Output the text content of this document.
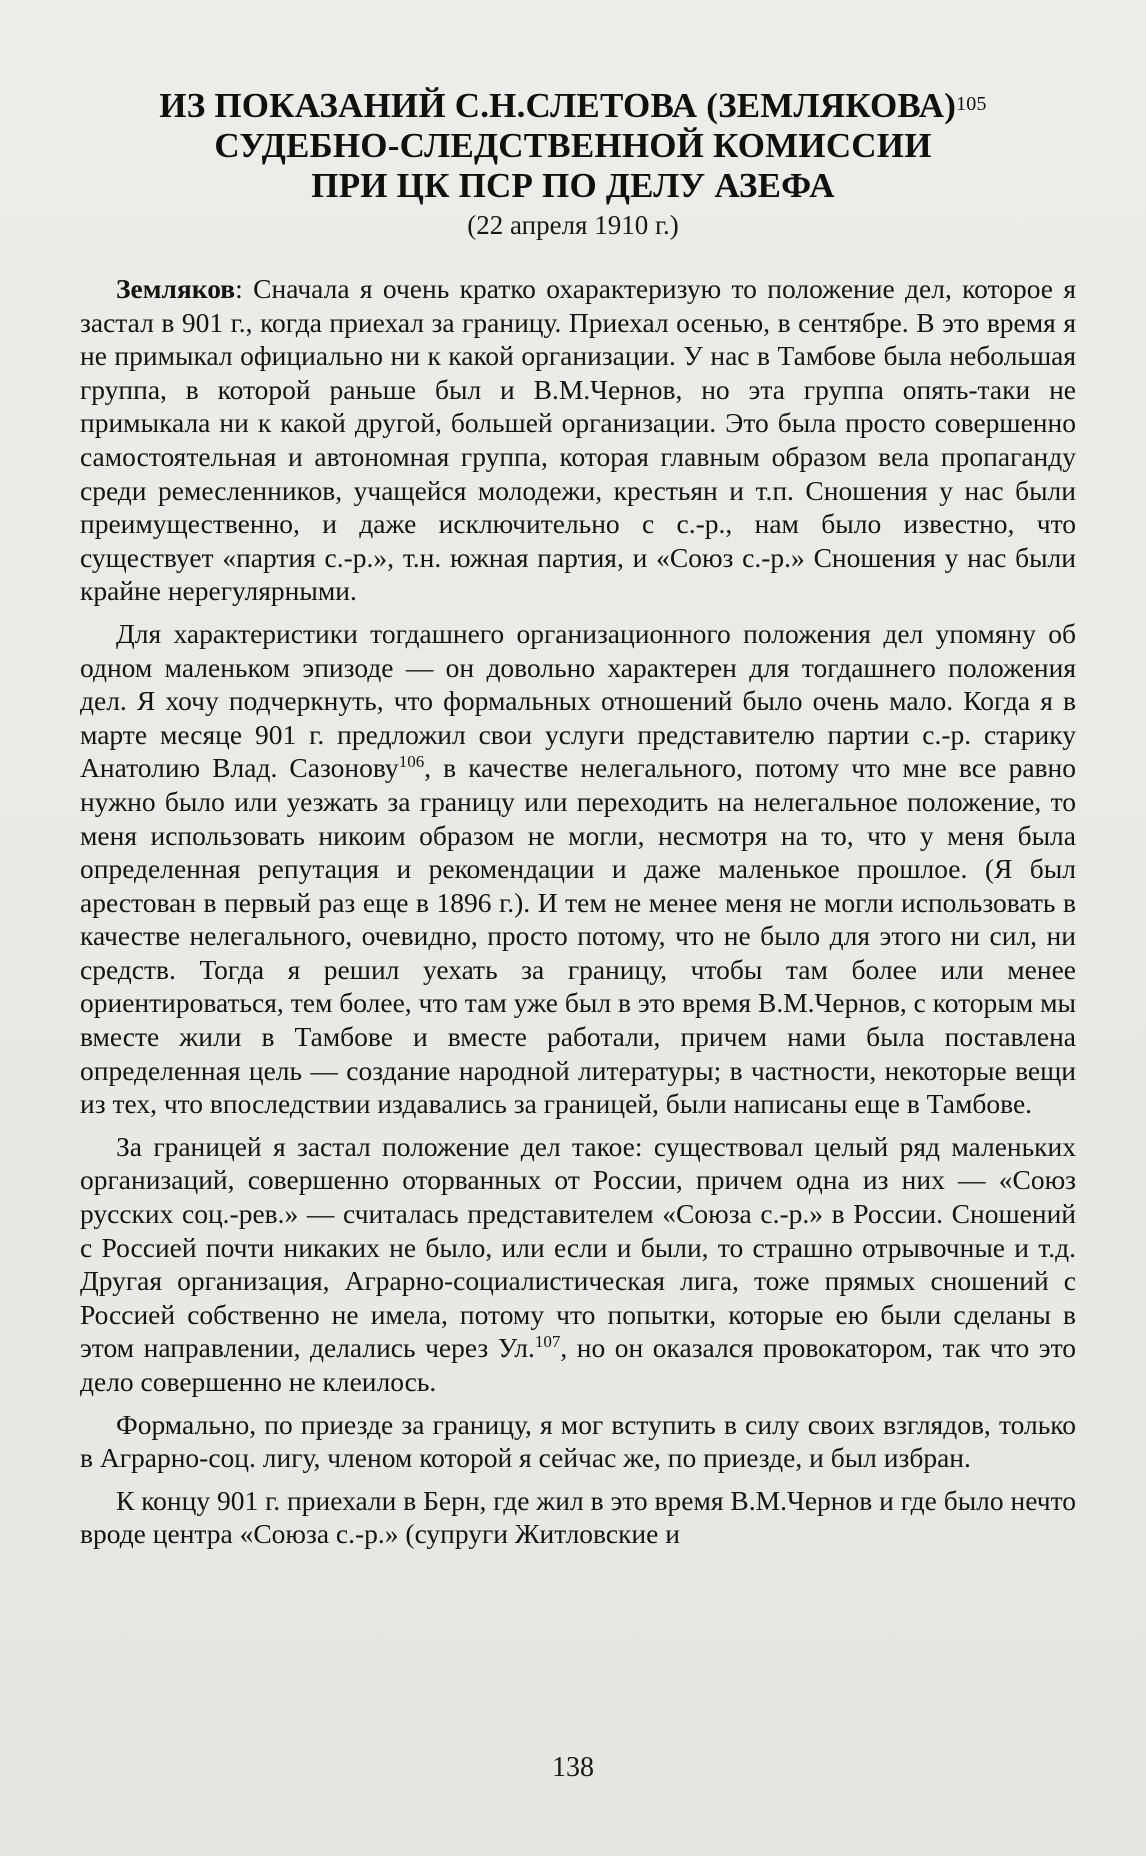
ИЗ ПОКАЗАНИЙ С.Н.СЛЕТОВА (ЗЕМЛЯКОВА)$^{105}$
СУДЕБНО-СЛЕДСТВЕННОЙ КОМИССИИ
ПРИ ЦК ПСР ПО ДЕЛУ АЗЕФА
(22 апреля 1910 г.)

Земляков: Сначала я очень кратко охарактеризую то положение дел, которое я застал в 901 г., когда приехал за границу. Приехал осенью, в сентябре. В это время я не примыкал официально ни к какой организации. У нас в Тамбове была небольшая группа, в которой раньше был и В.М.Чернов, но эта группа опять-таки не примыкала ни к какой другой, большей организации. Это была просто совершенно самостоятельная и автономная группа, которая главным образом вела пропаганду среди ремесленников, учащейся молодежи, крестьян и т.п. Сношения у нас были преимущественно, и даже исключительно с с.-р., нам было известно, что существует «партия с.-р.», т.н. южная партия, и «Союз с.-р.» Сношения у нас были крайне нерегулярными.

Для характеристики тогдашнего организационного положения дел упомяну об одном маленьком эпизоде — он довольно характерен для тогдашнего положения дел. Я хочу подчеркнуть, что формальных отношений было очень мало. Когда я в марте месяце 901 г. предложил свои услуги представителю партии с.-р. старику Анатолию Влад. Сазонову$^{106}$, в качестве нелегального, потому что мне все равно нужно было или уезжать за границу или переходить на нелегальное положение, то меня использовать никоим образом не могли, несмотря на то, что у меня была определенная репутация и рекомендации и даже маленькое прошлое. (Я был арестован в первый раз еще в 1896 г.). И тем не менее меня не могли использовать в качестве нелегального, очевидно, просто потому, что не было для этого ни сил, ни средств. Тогда я решил уехать за границу, чтобы там более или менее ориентироваться, тем более, что там уже был в это время В.М.Чернов, с которым мы вместе жили в Тамбове и вместе работали, причем нами была поставлена определенная цель — создание народной литературы; в частности, некоторые вещи из тех, что впоследствии издавались за границей, были написаны еще в Тамбове.

За границей я застал положение дел такое: существовал целый ряд маленьких организаций, совершенно оторванных от России, причем одна из них — «Союз русских соц.-рев.» — считалась представителем «Союза с.-р.» в России. Сношений с Россией почти никаких не было, или если и были, то страшно отрывочные и т.д. Другая организация, Аграрно-социалистическая лига, тоже прямых сношений с Россией собственно не имела, потому что попытки, которые ею были сделаны в этом направлении, делались через Ул.$^{107}$, но он оказался провокатором, так что это дело совершенно не клеилось.

Формально, по приезде за границу, я мог вступить в силу своих взглядов, только в Аграрно-соц. лигу, членом которой я сейчас же, по приезде, и был избран.

К концу 901 г. приехали в Берн, где жил в это время В.М.Чернов и где было нечто вроде центра «Союза с.-р.» (супруги Житловские и

138
